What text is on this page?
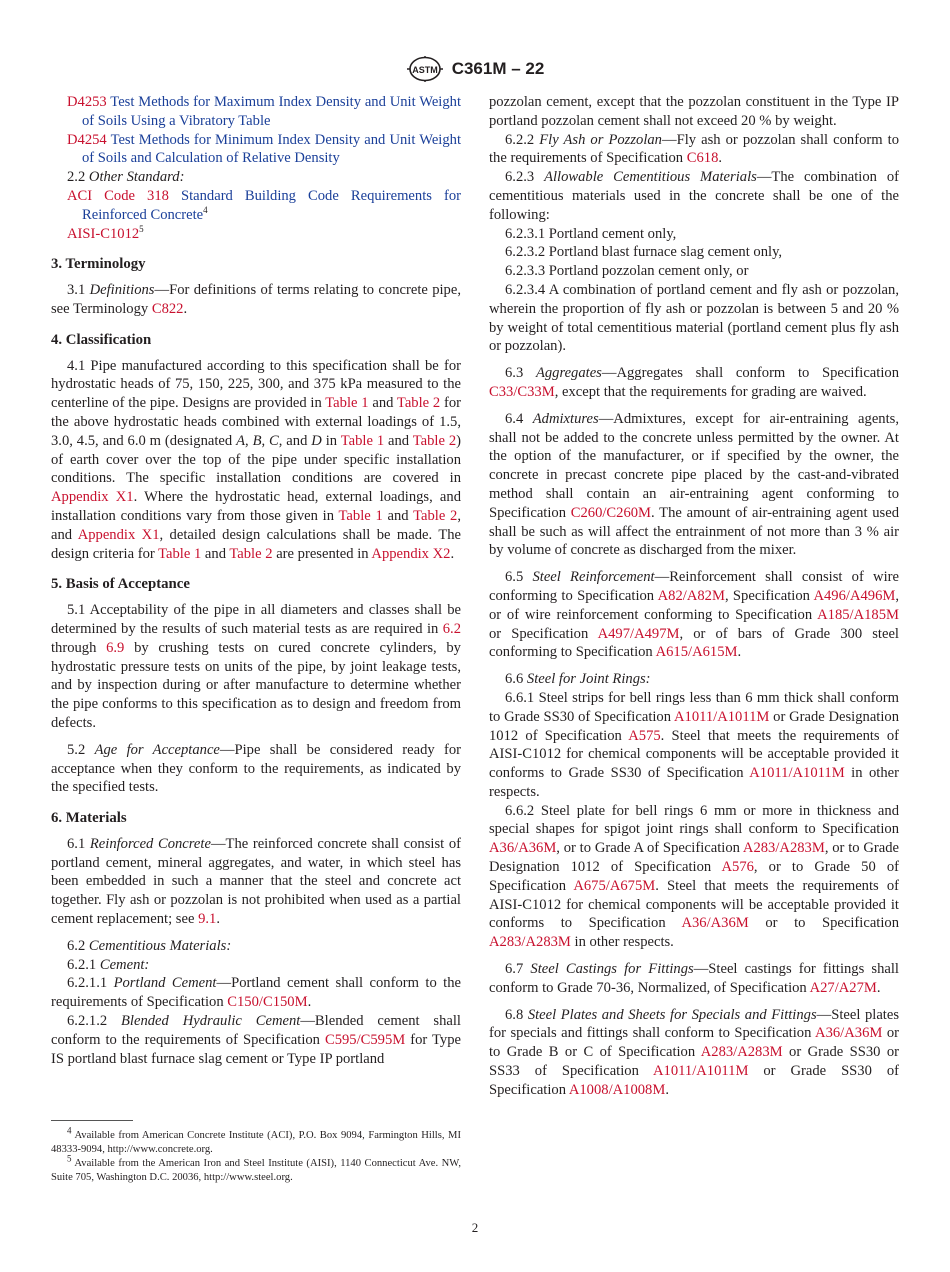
ASTM C361M – 22

D4253 Test Methods for Maximum Index Density and Unit Weight of Soils Using a Vibratory Table

D4254 Test Methods for Minimum Index Density and Unit Weight of Soils and Calculation of Relative Density

2.2 Other Standard:

ACI Code 318 Standard Building Code Requirements for Reinforced Concrete$^4$

AISI-C1012$^5$

3. Terminology

3.1 Definitions—For definitions of terms relating to concrete pipe, see Terminology C822.

4. Classification

4.1 Pipe manufactured according to this specification shall be for hydrostatic heads of 75, 150, 225, 300, and 375 kPa measured to the centerline of the pipe. Designs are provided in Table 1 and Table 2 for the above hydrostatic heads combined with external loadings of 1.5, 3.0, 4.5, and 6.0 m (designated A, B, C, and D in Table 1 and Table 2) of earth cover over the top of the pipe under specific installation conditions. The specific installation conditions are covered in Appendix X1. Where the hydrostatic head, external loadings, and installation conditions vary from those given in Table 1 and Table 2, and Appendix X1, detailed design calculations shall be made. The design criteria for Table 1 and Table 2 are presented in Appendix X2.

5. Basis of Acceptance

5.1 Acceptability of the pipe in all diameters and classes shall be determined by the results of such material tests as are required in 6.2 through 6.9 by crushing tests on cured concrete cylinders, by hydrostatic pressure tests on units of the pipe, by joint leakage tests, and by inspection during or after manufacture to determine whether the pipe conforms to this specification as to design and freedom from defects.

5.2 Age for Acceptance—Pipe shall be considered ready for acceptance when they conform to the requirements, as indicated by the specified tests.

6. Materials

6.1 Reinforced Concrete—The reinforced concrete shall consist of portland cement, mineral aggregates, and water, in which steel has been embedded in such a manner that the steel and concrete act together. Fly ash or pozzolan is not prohibited when used as a partial cement replacement; see 9.1.

6.2 Cementitious Materials:

6.2.1 Cement:

6.2.1.1 Portland Cement—Portland cement shall conform to the requirements of Specification C150/C150M.

6.2.1.2 Blended Hydraulic Cement—Blended cement shall conform to the requirements of Specification C595/C595M for Type IS portland blast furnace slag cement or Type IP portland

$^4$ Available from American Concrete Institute (ACI), P.O. Box 9094, Farmington Hills, MI 48333-9094, http://www.concrete.org.

$^5$ Available from the American Iron and Steel Institute (AISI), 1140 Connecticut Ave. NW, Suite 705, Washington D.C. 20036, http://www.steel.org.

pozzolan cement, except that the pozzolan constituent in the Type IP portland pozzolan cement shall not exceed 20 % by weight.

6.2.2 Fly Ash or Pozzolan—Fly ash or pozzolan shall conform to the requirements of Specification C618.

6.2.3 Allowable Cementitious Materials—The combination of cementitious materials used in the concrete shall be one of the following:

6.2.3.1 Portland cement only,

6.2.3.2 Portland blast furnace slag cement only,

6.2.3.3 Portland pozzolan cement only, or

6.2.3.4 A combination of portland cement and fly ash or pozzolan, wherein the proportion of fly ash or pozzolan is between 5 and 20 % by weight of total cementitious material (portland cement plus fly ash or pozzolan).

6.3 Aggregates—Aggregates shall conform to Specification C33/C33M, except that the requirements for grading are waived.

6.4 Admixtures—Admixtures, except for air-entraining agents, shall not be added to the concrete unless permitted by the owner. At the option of the manufacturer, or if specified by the owner, the concrete in precast concrete pipe placed by the cast-and-vibrated method shall contain an air-entraining agent conforming to Specification C260/C260M. The amount of air-entraining agent used shall be such as will affect the entrainment of not more than 3 % air by volume of concrete as discharged from the mixer.

6.5 Steel Reinforcement—Reinforcement shall consist of wire conforming to Specification A82/A82M, Specification A496/A496M, or of wire reinforcement conforming to Specification A185/A185M or Specification A497/A497M, or of bars of Grade 300 steel conforming to Specification A615/A615M.

6.6 Steel for Joint Rings:

6.6.1 Steel strips for bell rings less than 6 mm thick shall conform to Grade SS30 of Specification A1011/A1011M or Grade Designation 1012 of Specification A575. Steel that meets the requirements of AISI-C1012 for chemical components will be acceptable provided it conforms to Grade SS30 of Specification A1011/A1011M in other respects.

6.6.2 Steel plate for bell rings 6 mm or more in thickness and special shapes for spigot joint rings shall conform to Specification A36/A36M, or to Grade A of Specification A283/A283M, or to Grade Designation 1012 of Specification A576, or to Grade 50 of Specification A675/A675M. Steel that meets the requirements of AISI-C1012 for chemical components will be acceptable provided it conforms to Specification A36/A36M or to Specification A283/A283M in other respects.

6.7 Steel Castings for Fittings—Steel castings for fittings shall conform to Grade 70-36, Normalized, of Specification A27/A27M.

6.8 Steel Plates and Sheets for Specials and Fittings—Steel plates for specials and fittings shall conform to Specification A36/A36M or to Grade B or C of Specification A283/A283M or Grade SS30 or SS33 of Specification A1011/A1011M or Grade SS30 of Specification A1008/A1008M.

2
